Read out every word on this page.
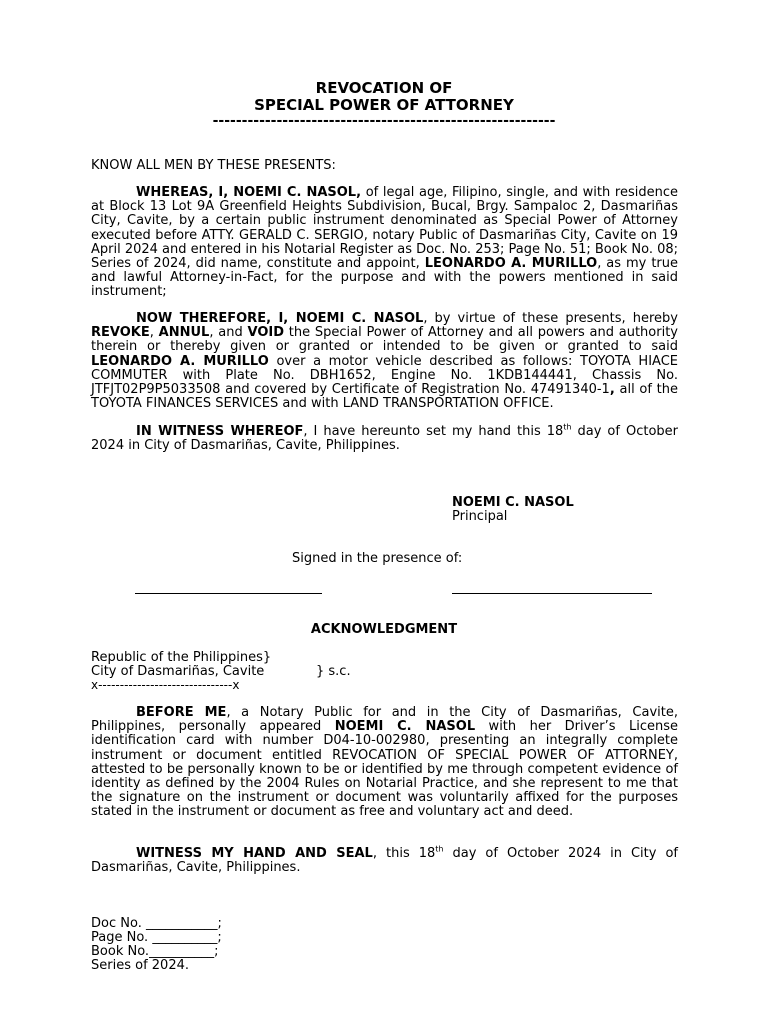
REVOCATION OF
SPECIAL POWER OF ATTORNEY
-----------------------------------------------------------
KNOW ALL MEN BY THESE PRESENTS:
WHEREAS, I, NOEMI C. NASOL, of legal age, Filipino, single, and with residence at Block 13 Lot 9A Greenfield Heights Subdivision, Bucal, Brgy. Sampaloc 2, Dasmariñas City, Cavite, by a certain public instrument denominated as Special Power of Attorney executed before ATTY. GERALD C. SERGIO, notary Public of Dasmariñas City, Cavite on 19 April 2024 and entered in his Notarial Register as Doc. No. 253; Page No. 51; Book No. 08; Series of 2024, did name, constitute and appoint, LEONARDO A. MURILLO, as my true and lawful Attorney-in-Fact, for the purpose and with the powers mentioned in said instrument;
NOW THEREFORE, I, NOEMI C. NASOL, by virtue of these presents, hereby REVOKE, ANNUL, and VOID the Special Power of Attorney and all powers and authority therein or thereby given or granted or intended to be given or granted to said LEONARDO A. MURILLO over a motor vehicle described as follows: TOYOTA HIACE COMMUTER with Plate No. DBH1652, Engine No. 1KDB144441, Chassis No. JTFJT02P9P5033508 and covered by Certificate of Registration No. 47491340-1, all of the TOYOTA FINANCES SERVICES and with LAND TRANSPORTATION OFFICE.
IN WITNESS WHEREOF, I have hereunto set my hand this 18th day of October 2024 in City of Dasmariñas, Cavite, Philippines.
NOEMI C. NASOL
Principal
Signed in the presence of:
ACKNOWLEDGMENT
Republic of the Philippines}
City of Dasmariñas, Cavite	} s.c.
x-------------------------------x
BEFORE ME, a Notary Public for and in the City of Dasmariñas, Cavite, Philippines, personally appeared NOEMI C. NASOL with her Driver’s License identification card with number D04-10-002980, presenting an integrally complete instrument or document entitled REVOCATION OF SPECIAL POWER OF ATTORNEY, attested to be personally known to be or identified by me through competent evidence of identity as defined by the 2004 Rules on Notarial Practice, and she represent to me that the signature on the instrument or document was voluntarily affixed for the purposes stated in the instrument or document as free and voluntary act and deed.
WITNESS MY HAND AND SEAL, this 18th day of October 2024 in City of Dasmariñas, Cavite, Philippines.
Doc No. ___________;
Page No. __________;
Book No.__________;
Series of 2024.
